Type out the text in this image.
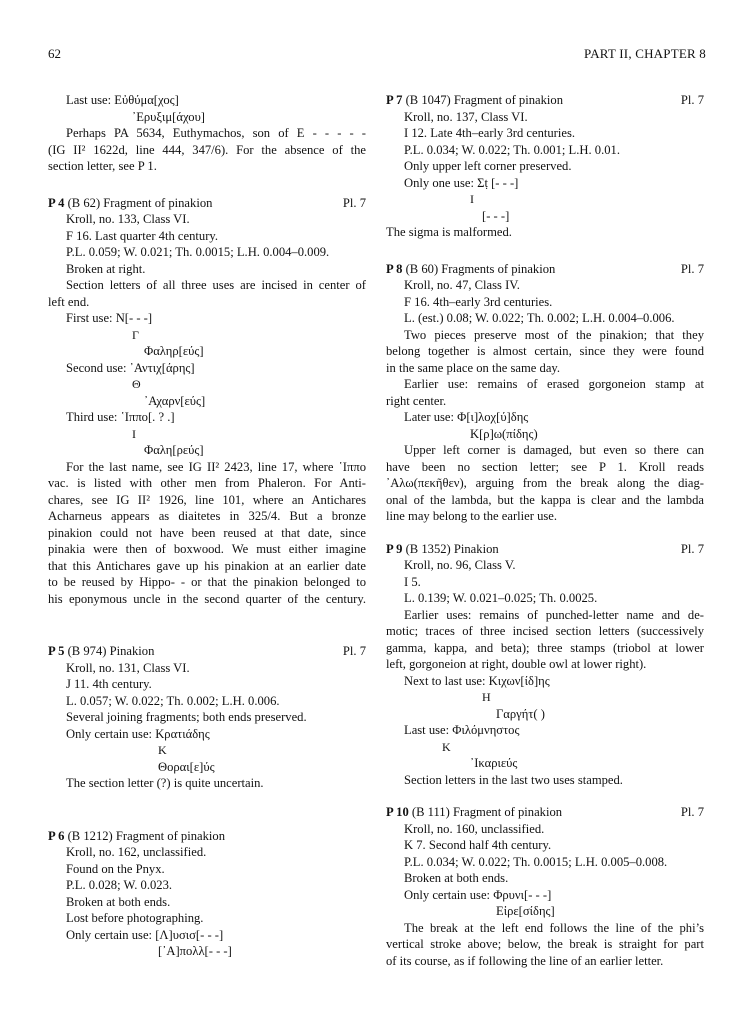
62	PART II, CHAPTER 8
Last use: Εὐθύμα[χος]
᾿Ερυξιμ[άχου]
Perhaps PA 5634, Euthymachos, son of E - - - - -
(IG II² 1622d, line 444, 347/6). For the absence of the
section letter, see P 1.
P 4 (B 62) Fragment of pinakion	Pl. 7
Kroll, no. 133, Class VI.
F 16. Last quarter 4th century.
P.L. 0.059; W. 0.021; Th. 0.0015; L.H. 0.004–0.009.
Broken at right.
Section letters of all three uses are incised in center of
left end.
First use: N[- - -]
Γ
Φαληρ[εύς]
Second use: ᾿Αντιχ[άρης]
Θ
᾿Αχαρν[εύς]
Third use: ῾Ιππο[. ? .]
Ι
Φαλη[ρεύς]
For the last name, see IG II² 2423, line 17, where ῾Ιππο
vac. is listed with other men from Phaleron. For Anti-
chares, see IG II² 1926, line 101, where an Antichares
Acharneus appears as diaitetes in 325/4. But a bronze
pinakion could not have been reused at that date, since
pinakia were then of boxwood. We must either imagine
that this Antichares gave up his pinakion at an earlier date
to be reused by Hippo- - or that the pinakion belonged to
his eponymous uncle in the second quarter of the century.
P 5 (B 974) Pinakion	Pl. 7
Kroll, no. 131, Class VI.
J 11. 4th century.
L. 0.057; W. 0.022; Th. 0.002; L.H. 0.006.
Several joining fragments; both ends preserved.
Only certain use: Κρατιάδης
Κ
Θοραι[ε]ύς
The section letter (?) is quite uncertain.
P 6 (B 1212) Fragment of pinakion
Kroll, no. 162, unclassified.
Found on the Pnyx.
P.L. 0.028; W. 0.023.
Broken at both ends.
Lost before photographing.
Only certain use: [Λ]υσισ[- - -]
[᾿Α]πολλ[- - -]
P 7 (B 1047) Fragment of pinakion	Pl. 7
Kroll, no. 137, Class VI.
I 12. Late 4th–early 3rd centuries.
P.L. 0.034; W. 0.022; Th. 0.001; L.H. 0.01.
Only upper left corner preserved.
Only one use: Σṭ [- - -]
Ι
[- - -]
The sigma is malformed.
P 8 (B 60) Fragments of pinakion	Pl. 7
Kroll, no. 47, Class IV.
F 16. 4th–early 3rd centuries.
L. (est.) 0.08; W. 0.022; Th. 0.002; L.H. 0.004–0.006.
Two pieces preserve most of the pinakion; that they
belong together is almost certain, since they were found
in the same place on the same day.
Earlier use: remains of erased gorgoneion stamp at
right center.
Later use: Φ[ι]λοχ[ύ]δης
Κ[ρ]ω(πίδης)
Upper left corner is damaged, but even so there can
have been no section letter; see P 1. Kroll reads
᾿Αλω(πεκῆθεν), arguing from the break along the diag-
onal of the lambda, but the kappa is clear and the lambda
line may belong to the earlier use.
P 9 (B 1352) Pinakion	Pl. 7
Kroll, no. 96, Class V.
I 5.
L. 0.139; W. 0.021–0.025; Th. 0.0025.
Earlier uses: remains of punched-letter name and de-
motic; traces of three incised section letters (successively
gamma, kappa, and beta); three stamps (triobol at lower
left, gorgoneion at right, double owl at lower right).
Next to last use: Κιχων[ίδ]ης
Η
Γαργήτ( )
Last use: Φιλόμνηστος
Κ
᾿Ικαριεύς
Section letters in the last two uses stamped.
P 10 (B 111) Fragment of pinakion	Pl. 7
Kroll, no. 160, unclassified.
K 7. Second half 4th century.
P.L. 0.034; W. 0.022; Th. 0.0015; L.H. 0.005–0.008.
Broken at both ends.
Only certain use: Φρυνι[- - -]
Εἰρε[σίδης]
The break at the left end follows the line of the phi’s
vertical stroke above; below, the break is straight for part
of its course, as if following the line of an earlier letter.
